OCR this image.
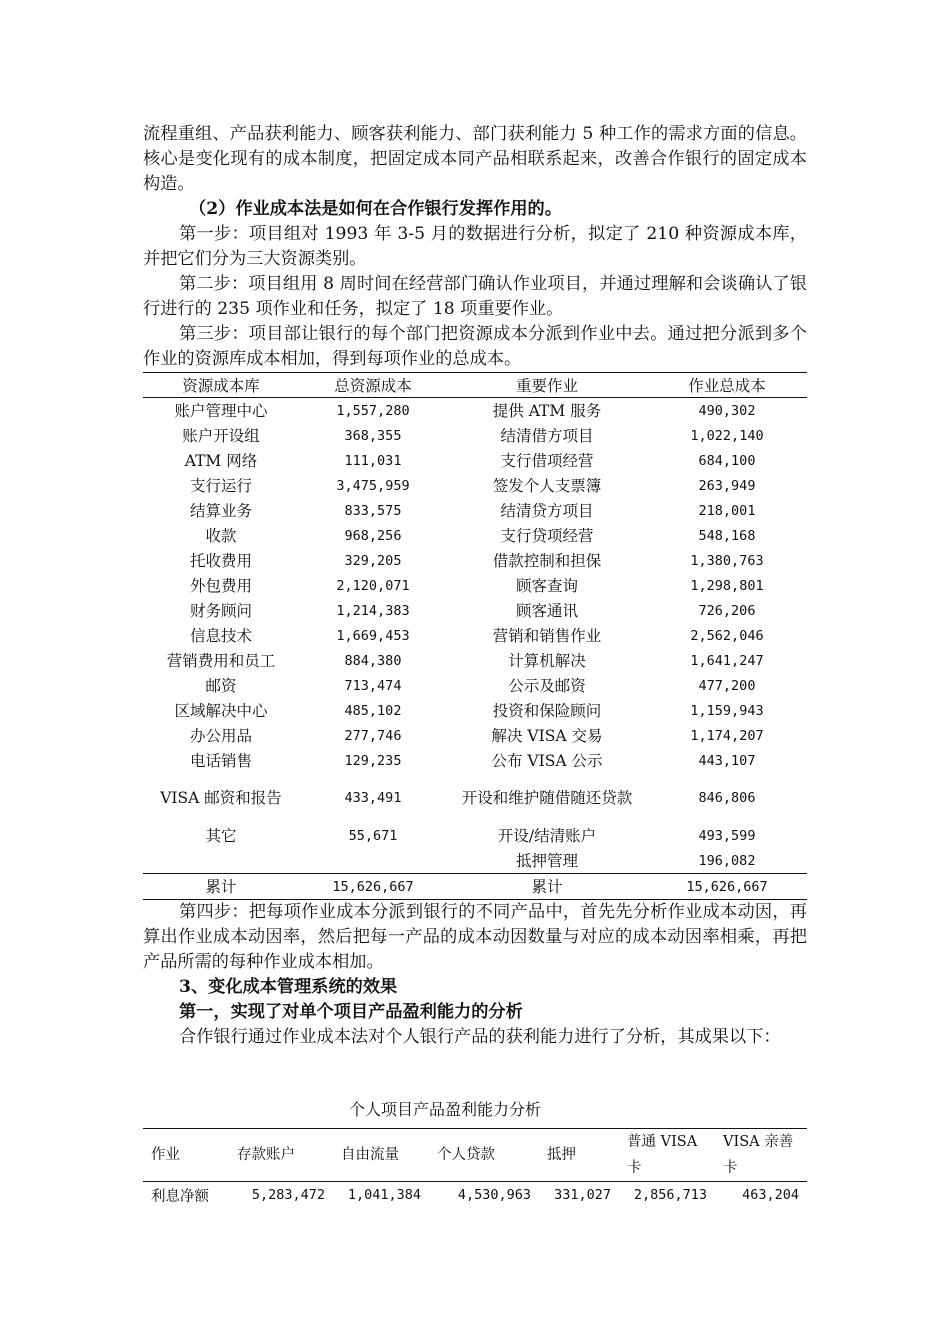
流程重组、产品获利能力、顾客获利能力、部门获利能力 5 种工作的需求方面的信息。核心是变化现有的成本制度，把固定成本同产品相联系起来，改善合作银行的固定成本构造。

（2）作业成本法是如何在合作银行发挥作用的。

第一步：项目组对 1993 年 3-5 月的数据进行分析，拟定了 210 种资源成本库，并把它们分为三大资源类别。

第二步：项目组用 8 周时间在经营部门确认作业项目，并通过理解和会谈确认了银行进行的 235 项作业和任务，拟定了 18 项重要作业。

第三步：项目部让银行的每个部门把资源成本分派到作业中去。通过把分派到多个作业的资源库成本相加，得到每项作业的总成本。

资源成本库	总资源成本	重要作业	作业总成本
账户管理中心	1,557,280	提供 ATM 服务	490,302
账户开设组	368,355	结清借方项目	1,022,140
ATM 网络	111,031	支行借项经营	684,100
支行运行	3,475,959	签发个人支票簿	263,949
结算业务	833,575	结清贷方项目	218,001
收款	968,256	支行贷项经营	548,168
托收费用	329,205	借款控制和担保	1,380,763
外包费用	2,120,071	顾客查询	1,298,801
财务顾问	1,214,383	顾客通讯	726,206
信息技术	1,669,453	营销和销售作业	2,562,046
营销费用和员工	884,380	计算机解决	1,641,247
邮资	713,474	公示及邮资	477,200
区域解决中心	485,102	投资和保险顾问	1,159,943
办公用品	277,746	解决 VISA 交易	1,174,207
电话销售	129,235	公布 VISA 公示	443,107
VISA 邮资和报告	433,491	开设和维护随借随还贷款	846,806
其它	55,671	开设/结清账户	493,599
		抵押管理	196,082
累计	15,626,667	累计	15,626,667

第四步：把每项作业成本分派到银行的不同产品中，首先先分析作业成本动因，再算出作业成本动因率，然后把每一产品的成本动因数量与对应的成本动因率相乘，再把产品所需的每种作业成本相加。

3、变化成本管理系统的效果

第一，实现了对单个项目产品盈利能力的分析

合作银行通过作业成本法对个人银行产品的获利能力进行了分析，其成果以下：

个人项目产品盈利能力分析
作业	存款账户	自由流量	个人贷款	抵押	普通 VISA 卡	VISA 亲善卡
利息净额	5,283,472	1,041,384	4,530,963	331,027	2,856,713	463,204
